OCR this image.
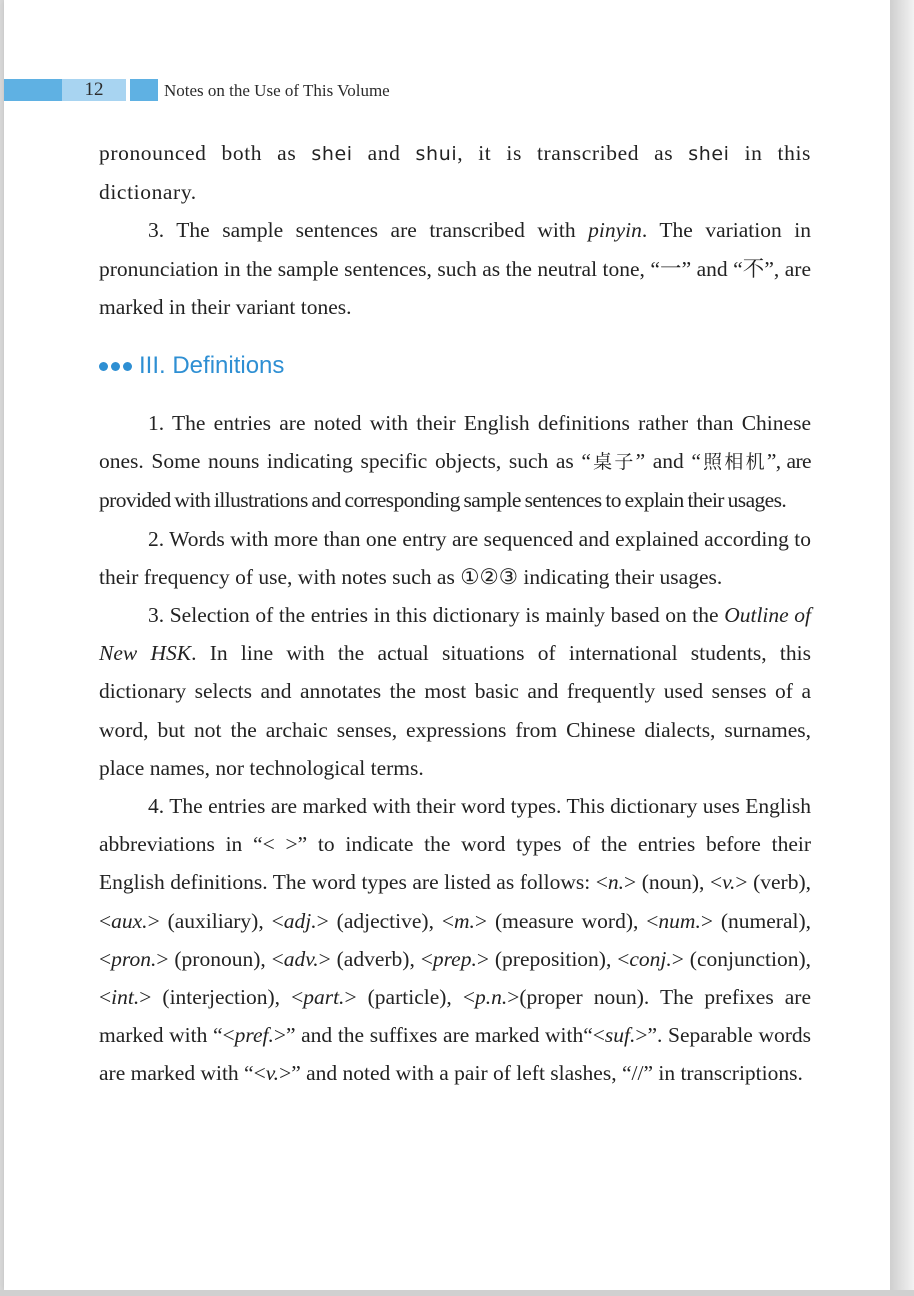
12	Notes on the Use of This Volume

pronounced both as shei and shui, it is transcribed as shei in this dictionary.

3. The sample sentences are transcribed with pinyin. The variation in pronunciation in the sample sentences, such as the neutral tone, “一” and “不”, are marked in their variant tones.

III. Definitions

1. The entries are noted with their English definitions rather than Chinese ones. Some nouns indicating specific objects, such as “桌子” and “照相机”, are provided with illustrations and corresponding sample sentences to explain their usages.

2. Words with more than one entry are sequenced and explained according to their frequency of use, with notes such as ①②③ indicating their usages.

3. Selection of the entries in this dictionary is mainly based on the Outline of New HSK. In line with the actual situations of international students, this dictionary selects and annotates the most basic and frequently used senses of a word, but not the archaic senses, expressions from Chinese dialects, surnames, place names, nor technological terms.

4. The entries are marked with their word types. This dictionary uses English abbreviations in “< >” to indicate the word types of the entries before their English definitions. The word types are listed as follows: <n.> (noun), <v.> (verb), <aux.> (auxiliary), <adj.> (adjective), <m.> (measure word), <num.> (numeral), <pron.> (pronoun), <adv.> (adverb), <prep.> (preposition), <conj.> (conjunction), <int.> (interjection), <part.> (particle), <p.n.>(proper noun). The prefixes are marked with “<pref.>” and the suffixes are marked with“<suf.>”. Separable words are marked with “<v.>” and noted with a pair of left slashes, “//” in transcriptions.
